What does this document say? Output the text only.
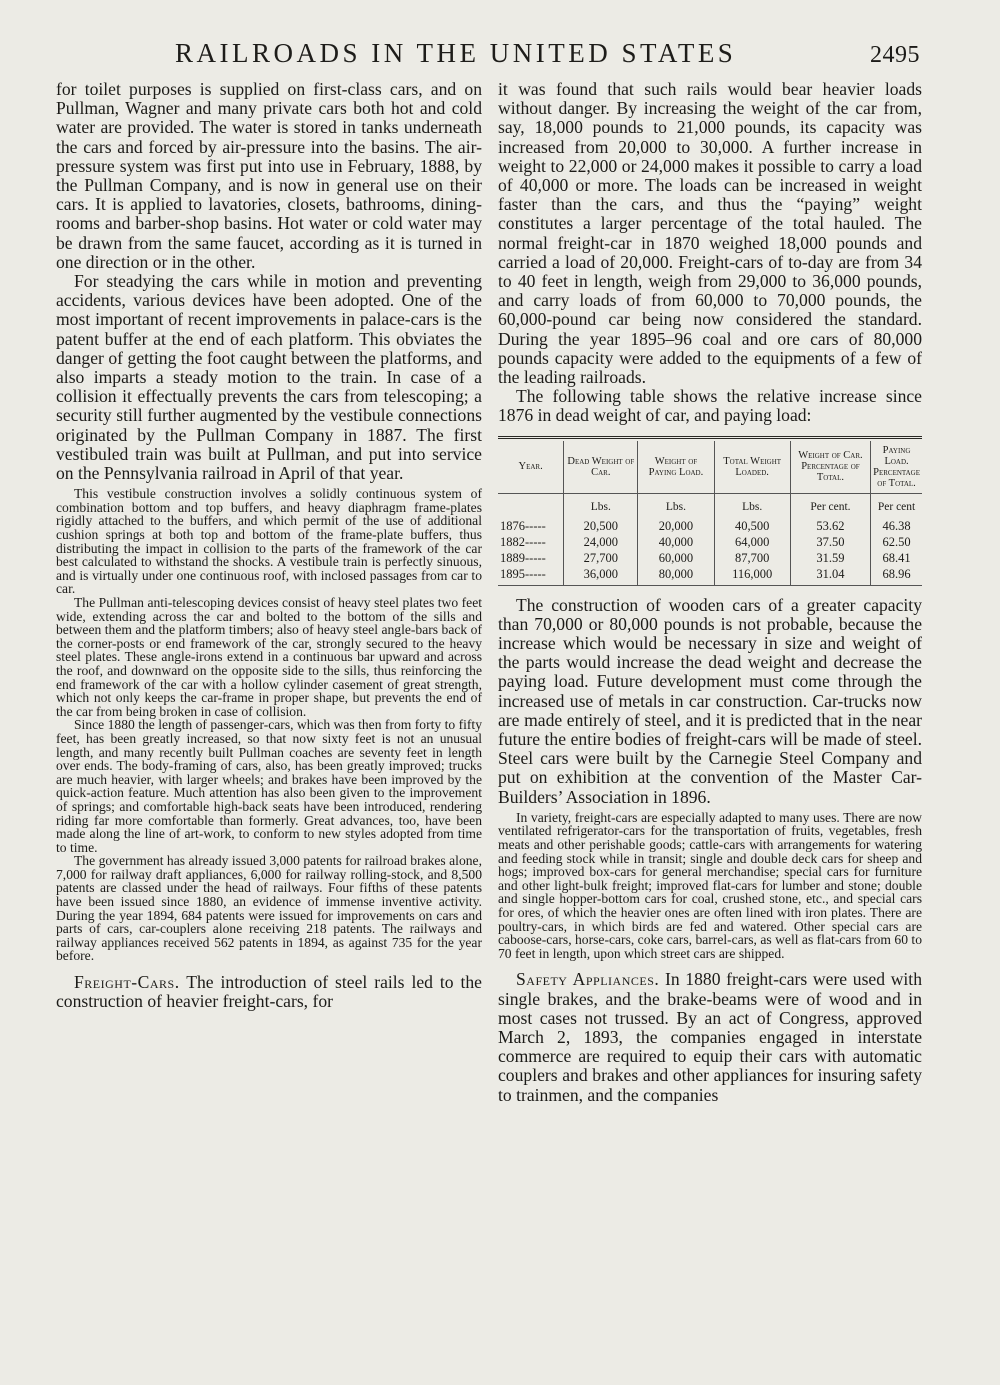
RAILROADS IN THE UNITED STATES	2495

for toilet purposes is supplied on first-class cars, and on Pullman, Wagner and many private cars both hot and cold water are provided. The water is stored in tanks underneath the cars and forced by air-pressure into the basins. The air-pressure system was first put into use in February, 1888, by the Pullman Company, and is now in general use on their cars. It is applied to lavatories, closets, bathrooms, dining-rooms and barber-shop basins. Hot water or cold water may be drawn from the same faucet, according as it is turned in one direction or in the other.

For steadying the cars while in motion and preventing accidents, various devices have been adopted. One of the most important of recent improvements in palace-cars is the patent buffer at the end of each platform. This obviates the danger of getting the foot caught between the platforms, and also imparts a steady motion to the train. In case of a collision it effectually prevents the cars from telescoping; a security still further augmented by the vestibule connections originated by the Pullman Company in 1887. The first vestibuled train was built at Pullman, and put into service on the Pennsylvania railroad in April of that year.

This vestibule construction involves a solidly continuous system of combination bottom and top buffers, and heavy diaphragm frame-plates rigidly attached to the buffers, and which permit of the use of additional cushion springs at both top and bottom of the frame-plate buffers, thus distributing the impact in collision to the parts of the framework of the car best calculated to withstand the shocks. A vestibule train is perfectly sinuous, and is virtually under one continuous roof, with inclosed passages from car to car.

The Pullman anti-telescoping devices consist of heavy steel plates two feet wide, extending across the car and bolted to the bottom of the sills and between them and the platform timbers; also of heavy steel angle-bars back of the corner-posts or end framework of the car, strongly secured to the heavy steel plates. These angle-irons extend in a continuous bar upward and across the roof, and downward on the opposite side to the sills, thus reinforcing the end framework of the car with a hollow cylinder casement of great strength, which not only keeps the car-frame in proper shape, but prevents the end of the car from being broken in case of collision.

Since 1880 the length of passenger-cars, which was then from forty to fifty feet, has been greatly increased, so that now sixty feet is not an unusual length, and many recently built Pullman coaches are seventy feet in length over ends. The body-framing of cars, also, has been greatly improved; trucks are much heavier, with larger wheels; and brakes have been improved by the quick-action feature. Much attention has also been given to the improvement of springs; and comfortable high-back seats have been introduced, rendering riding far more comfortable than formerly. Great advances, too, have been made along the line of art-work, to conform to new styles adopted from time to time.

The government has already issued 3,000 patents for railroad brakes alone, 7,000 for railway draft appliances, 6,000 for railway rolling-stock, and 8,500 patents are classed under the head of railways. Four fifths of these patents have been issued since 1880, an evidence of immense inventive activity. During the year 1894, 684 patents were issued for improvements on cars and parts of cars, car-couplers alone receiving 218 patents. The railways and railway appliances received 562 patents in 1894, as against 735 for the year before.

Freight-Cars. The introduction of steel rails led to the construction of heavier freight-cars, for

it was found that such rails would bear heavier loads without danger. By increasing the weight of the car from, say, 18,000 pounds to 21,000 pounds, its capacity was increased from 20,000 to 30,000. A further increase in weight to 22,000 or 24,000 makes it possible to carry a load of 40,000 or more. The loads can be increased in weight faster than the cars, and thus the “paying” weight constitutes a larger percentage of the total hauled. The normal freight-car in 1870 weighed 18,000 pounds and carried a load of 20,000. Freight-cars of to-day are from 34 to 40 feet in length, weigh from 29,000 to 36,000 pounds, and carry loads of from 60,000 to 70,000 pounds, the 60,000-pound car being now considered the standard. During the year 1895–96 coal and ore cars of 80,000 pounds capacity were added to the equipments of a few of the leading railroads.

The following table shows the relative increase since 1876 in dead weight of car, and paying load:

Year.	Dead Weight of Car.	Weight of Paying Load.	Total Weight Loaded.	Weight of Car. Percentage of Total.	Paying Load. Percentage of Total.
	Lbs.	Lbs.	Lbs.	Per cent.	Per cent
1876-----	20,500	20,000	40,500	53.62	46.38
1882-----	24,000	40,000	64,000	37.50	62.50
1889-----	27,700	60,000	87,700	31.59	68.41
1895-----	36,000	80,000	116,000	31.04	68.96

The construction of wooden cars of a greater capacity than 70,000 or 80,000 pounds is not probable, because the increase which would be necessary in size and weight of the parts would increase the dead weight and decrease the paying load. Future development must come through the increased use of metals in car construction. Car-trucks now are made entirely of steel, and it is predicted that in the near future the entire bodies of freight-cars will be made of steel. Steel cars were built by the Carnegie Steel Company and put on exhibition at the convention of the Master Car-Builders’ Association in 1896.

In variety, freight-cars are especially adapted to many uses. There are now ventilated refrigerator-cars for the transportation of fruits, vegetables, fresh meats and other perishable goods; cattle-cars with arrangements for watering and feeding stock while in transit; single and double deck cars for sheep and hogs; improved box-cars for general merchandise; special cars for furniture and other light-bulk freight; improved flat-cars for lumber and stone; double and single hopper-bottom cars for coal, crushed stone, etc., and special cars for ores, of which the heavier ones are often lined with iron plates. There are poultry-cars, in which birds are fed and watered. Other special cars are caboose-cars, horse-cars, coke cars, barrel-cars, as well as flat-cars from 60 to 70 feet in length, upon which street cars are shipped.

Safety Appliances. In 1880 freight-cars were used with single brakes, and the brake-beams were of wood and in most cases not trussed. By an act of Congress, approved March 2, 1893, the companies engaged in interstate commerce are required to equip their cars with automatic couplers and brakes and other appliances for insuring safety to trainmen, and the companies
